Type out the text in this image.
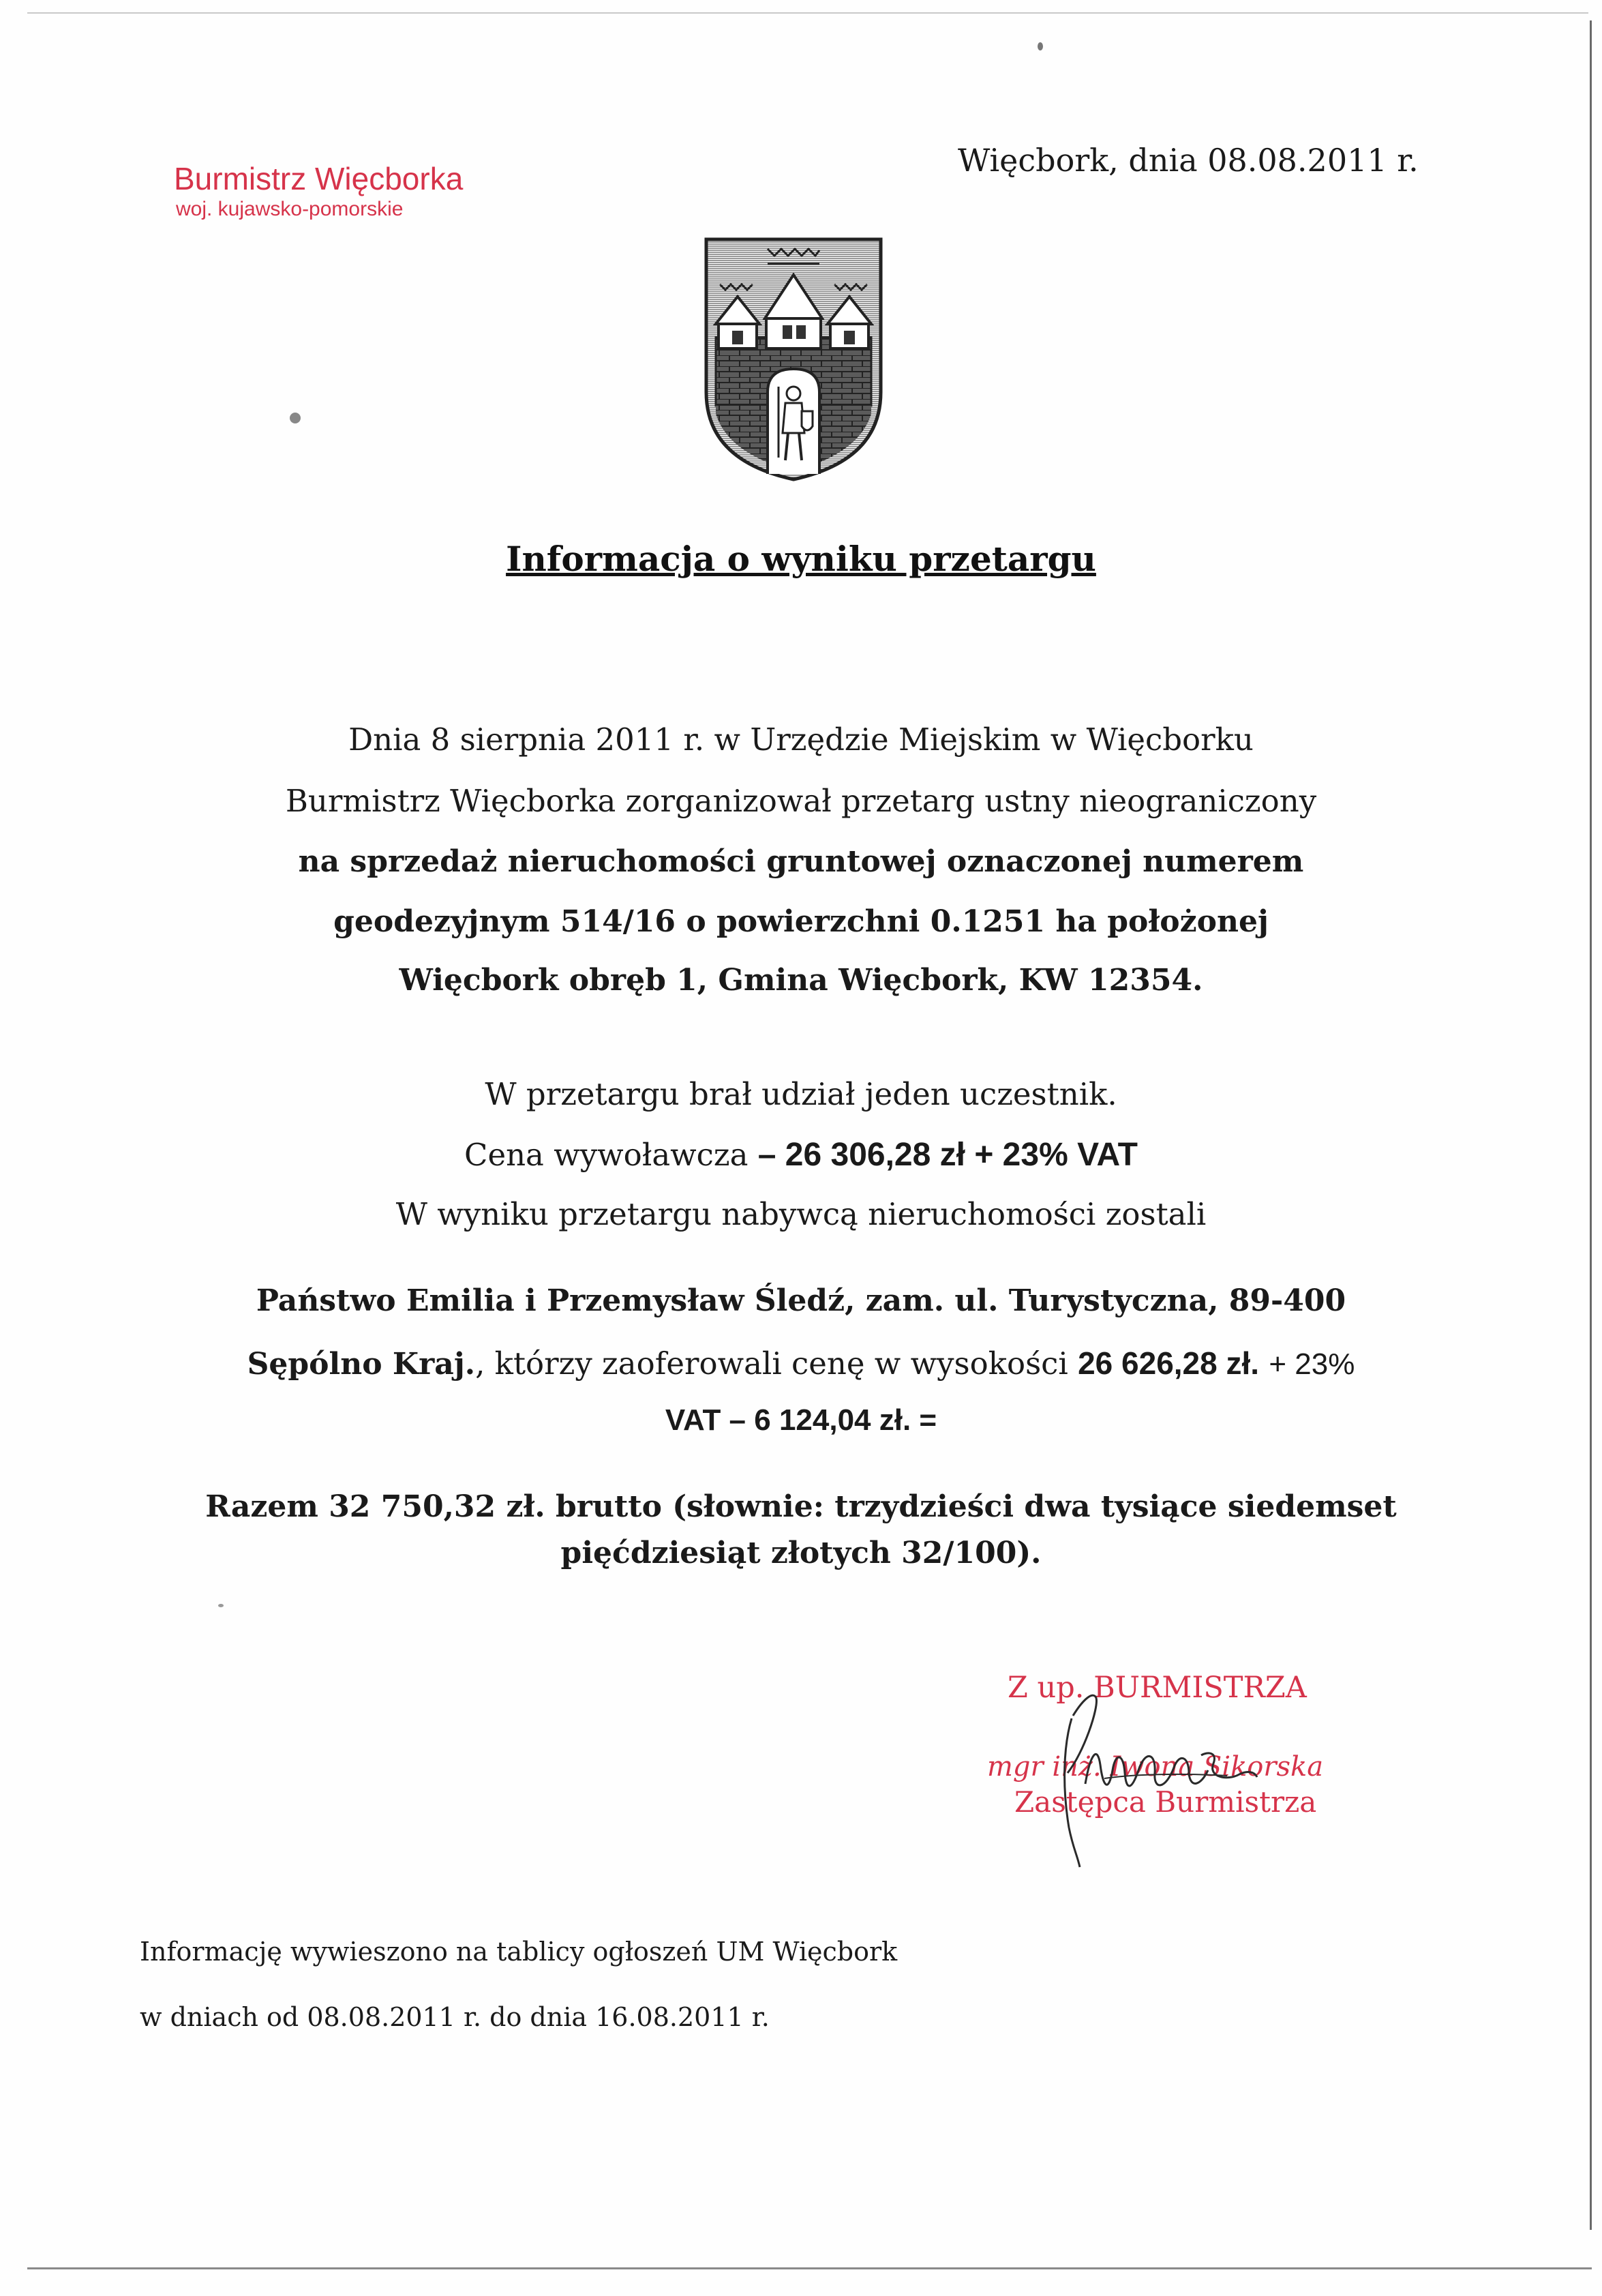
Burmistrz Więcborka
woj. kujawsko-pomorskie
Więcbork, dnia 08.08.2011 r.
Informacja o wyniku przetargu
Dnia 8 sierpnia 2011 r. w Urzędzie Miejskim w Więcborku
Burmistrz Więcborka zorganizował przetarg ustny nieograniczony
na sprzedaż nieruchomości gruntowej oznaczonej numerem
geodezyjnym 514/16 o powierzchni 0.1251 ha położonej
Więcbork obręb 1, Gmina Więcbork, KW 12354.
W przetargu brał udział jeden uczestnik.
Cena wywoławcza – 26 306,28 zł + 23% VAT
W wyniku przetargu nabywcą nieruchomości zostali
Państwo Emilia i Przemysław Śledź, zam. ul. Turystyczna, 89-400
Sępólno Kraj., którzy zaoferowali cenę w wysokości 26 626,28 zł. + 23%
VAT – 6 124,04 zł. =
Razem 32 750,32 zł. brutto (słownie: trzydzieści dwa tysiące siedemset
pięćdziesiąt złotych 32/100).
Z up. BURMISTRZA
mgr inż. Iwona Sikorska
Zastępca Burmistrza
Informację wywieszono na tablicy ogłoszeń UM Więcbork
w dniach od 08.08.2011 r. do dnia 16.08.2011 r.
